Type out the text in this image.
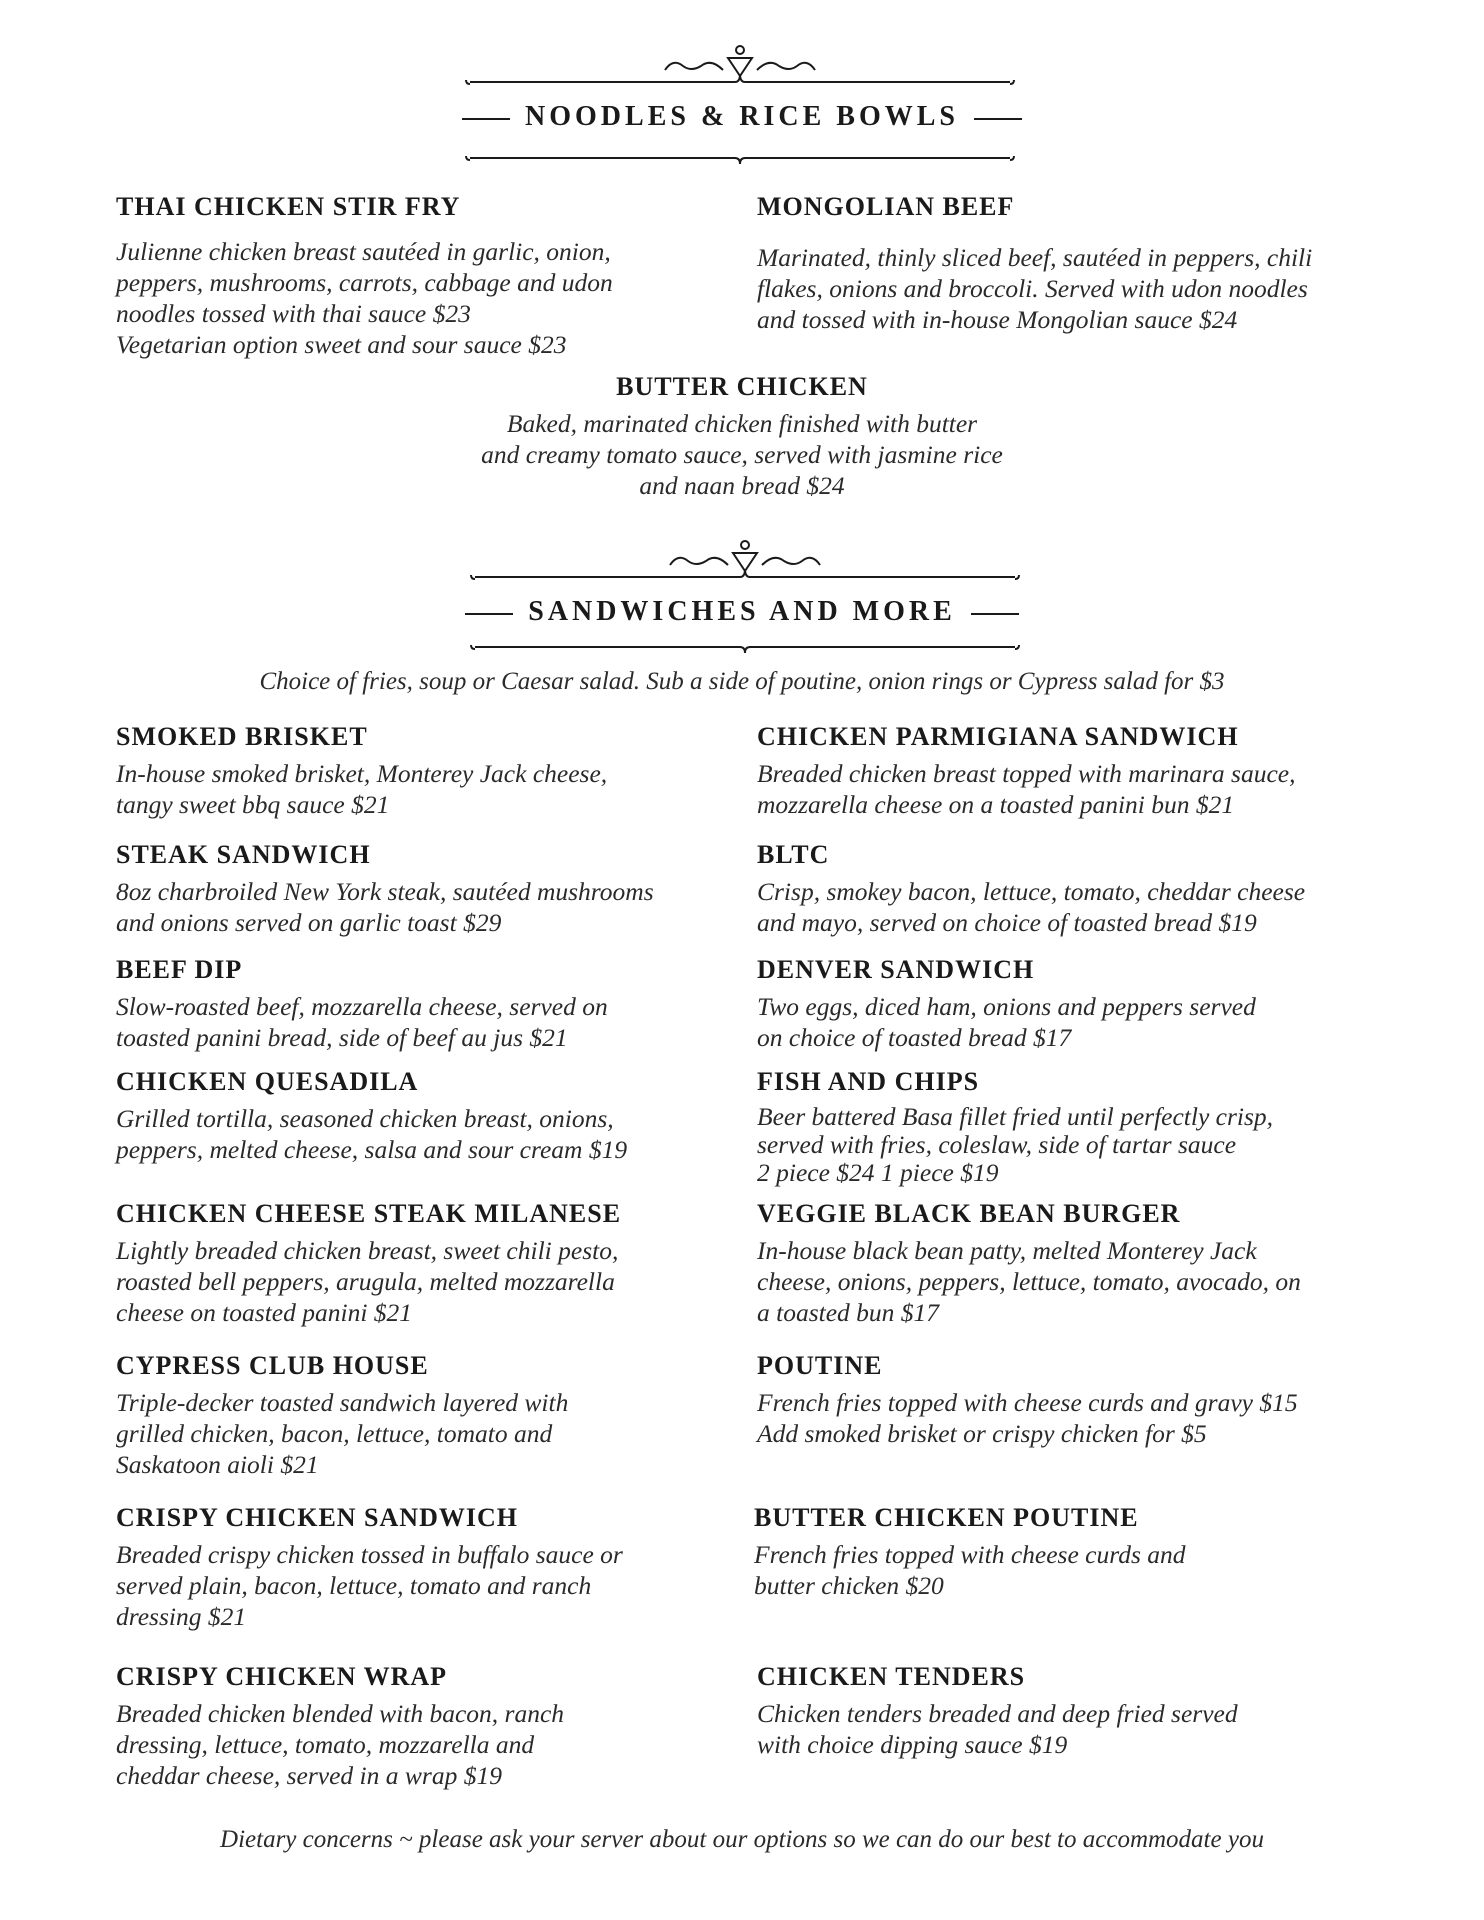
NOODLES & RICE BOWLS
THAI CHICKEN STIR FRY
Julienne chicken breast sautéed in garlic, onion,
peppers, mushrooms, carrots, cabbage and udon
noodles tossed with thai sauce $23
Vegetarian option sweet and sour sauce $23
MONGOLIAN BEEF
Marinated, thinly sliced beef, sautéed in peppers, chili
flakes, onions and broccoli. Served with udon noodles
and tossed with in-house Mongolian sauce $24
BUTTER CHICKEN
Baked, marinated chicken finished with butter
and creamy tomato sauce, served with jasmine rice
and naan bread $24
SANDWICHES AND MORE
Choice of fries, soup or Caesar salad. Sub a side of poutine, onion rings or Cypress salad for $3
SMOKED BRISKET
In-house smoked brisket, Monterey Jack cheese,
tangy sweet bbq sauce $21
STEAK SANDWICH
8oz charbroiled New York steak, sautéed mushrooms
and onions served on garlic toast $29
BEEF DIP
Slow-roasted beef, mozzarella cheese, served on
toasted panini bread, side of beef au jus $21
CHICKEN QUESADILA
Grilled tortilla, seasoned chicken breast, onions,
peppers, melted cheese, salsa and sour cream $19
CHICKEN CHEESE STEAK MILANESE
Lightly breaded chicken breast, sweet chili pesto,
roasted bell peppers, arugula, melted mozzarella
cheese on toasted panini $21
CYPRESS CLUB HOUSE
Triple-decker toasted sandwich layered with
grilled chicken, bacon, lettuce, tomato and
Saskatoon aioli $21
CRISPY CHICKEN SANDWICH
Breaded crispy chicken tossed in buffalo sauce or
served plain, bacon, lettuce, tomato and ranch
dressing $21
CRISPY CHICKEN WRAP
Breaded chicken blended with bacon, ranch
dressing, lettuce, tomato, mozzarella and
cheddar cheese, served in a wrap $19
CHICKEN PARMIGIANA SANDWICH
Breaded chicken breast topped with marinara sauce,
mozzarella cheese on a toasted panini bun $21
BLTC
Crisp, smokey bacon, lettuce, tomato, cheddar cheese
and mayo, served on choice of toasted bread $19
DENVER SANDWICH
Two eggs, diced ham, onions and peppers served
on choice of toasted bread $17
FISH AND CHIPS
Beer battered Basa fillet fried until perfectly crisp,
served with fries, coleslaw, side of tartar sauce
2 piece $24 1 piece $19
VEGGIE BLACK BEAN BURGER
In-house black bean patty, melted Monterey Jack
cheese, onions, peppers, lettuce, tomato, avocado, on
a toasted bun $17
POUTINE
French fries topped with cheese curds and gravy $15
Add smoked brisket or crispy chicken for $5
BUTTER CHICKEN POUTINE
French fries topped with cheese curds and
butter chicken $20
CHICKEN TENDERS
Chicken tenders breaded and deep fried served
with choice dipping sauce $19
Dietary concerns ~ please ask your server about our options so we can do our best to accommodate you
